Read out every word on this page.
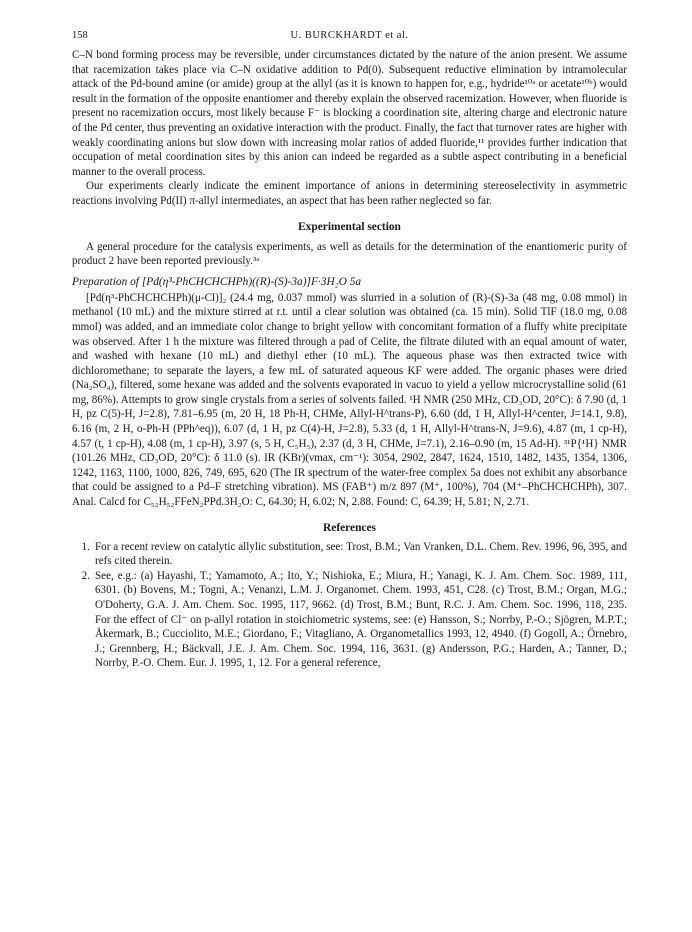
158	U. BURCKHARDT et al.

C–N bond forming process may be reversible, under circumstances dictated by the nature of the anion present. We assume that racemization takes place via C–N oxidative addition to Pd(0). Subsequent reductive elimination by intramolecular attack of the Pd-bound amine (or amide) group at the allyl (as it is known to happen for, e.g., hydride¹⁰ᵃ or acetate¹⁰ᵇ) would result in the formation of the opposite enantiomer and thereby explain the observed racemization. However, when fluoride is present no racemization occurs, most likely because F⁻ is blocking a coordination site, altering charge and electronic nature of the Pd center, thus preventing an oxidative interaction with the product. Finally, the fact that turnover rates are higher with weakly coordinating anions but slow down with increasing molar ratios of added fluoride,¹¹ provides further indication that occupation of metal coordination sites by this anion can indeed be regarded as a subtle aspect contributing in a beneficial manner to the overall process.

Our experiments clearly indicate the eminent importance of anions in determining stereoselectivity in asymmetric reactions involving Pd(II) π-allyl intermediates, an aspect that has been rather neglected so far.

Experimental section

A general procedure for the catalysis experiments, as well as details for the determination of the enantiomeric purity of product 2 have been reported previously.³ᵃ

Preparation of [Pd(η³-PhCHCHCHPh)((R)-(S)-3a)]F·3H₂O 5a

[Pd(η³-PhCHCHCHPh)(μ-Cl)]₂ (24.4 mg, 0.037 mmol) was slurried in a solution of (R)-(S)-3a (48 mg, 0.08 mmol) in methanol (10 mL) and the mixture stirred at r.t. until a clear solution was obtained (ca. 15 min). Solid TlF (18.0 mg, 0.08 mmol) was added, and an immediate color change to bright yellow with concomitant formation of a fluffy white precipitate was observed. After 1 h the mixture was filtered through a pad of Celite, the filtrate diluted with an equal amount of water, and washed with hexane (10 mL) and diethyl ether (10 mL). The aqueous phase was then extracted twice with dichloromethane; to separate the layers, a few mL of saturated aqueous KF were added. The organic phases were dried (Na₂SO₄), filtered, some hexane was added and the solvents evaporated in vacuo to yield a yellow microcrystalline solid (61 mg, 86%). Attempts to grow single crystals from a series of solvents failed. ¹H NMR (250 MHz, CD₃OD, 20°C): δ 7.90 (d, 1 H, pz C(5)-H, J=2.8), 7.81–6.95 (m, 20 H, 18 Ph-H, CHMe, Allyl-H^trans-P), 6.60 (dd, 1 H, Allyl-H^center, J=14.1, 9.8), 6.16 (m, 2 H, o-Ph-H (PPh^eq)), 6.07 (d, 1 H, pz C(4)-H, J=2.8), 5.33 (d, 1 H, Allyl-H^trans-N, J=9.6), 4.87 (m, 1 cp-H), 4.57 (t, 1 cp-H), 4.08 (m, 1 cp-H), 3.97 (s, 5 H, C₅H₅), 2.37 (d, 3 H, CHMe, J=7.1), 2.16–0.90 (m, 15 Ad-H). ³¹P{¹H} NMR (101.26 MHz, CD₃OD, 20°C): δ 11.0 (s). IR (KBr)(νmax, cm⁻¹): 3054, 2902, 2847, 1624, 1510, 1482, 1435, 1354, 1306, 1242, 1163, 1100, 1000, 826, 749, 695, 620 (The IR spectrum of the water-free complex 5a does not exhibit any absorbance that could be assigned to a Pd–F stretching vibration). MS (FAB⁺) m/z 897 (M⁺, 100%), 704 (M⁺–PhCHCHCHPh), 307. Anal. Calcd for C₅₂H₅₂FFeN₂PPd.3H₂O: C, 64.30; H, 6.02; N, 2.88. Found: C, 64.39; H, 5.81; N, 2.71.

References
1. For a recent review on catalytic allylic substitution, see: Trost, B.M.; Van Vranken, D.L. Chem. Rev. 1996, 96, 395, and refs cited therein.
2. See, e.g.: (a) Hayashi, T.; Yamamoto, A.; Ito, Y.; Nishioka, E.; Miura, H.; Yanagi, K. J. Am. Chem. Soc. 1989, 111, 6301. (b) Bovens, M.; Togni, A.; Venanzi, L.M. J. Organomet. Chem. 1993, 451, C28. (c) Trost, B.M.; Organ, M.G.; O'Doherty, G.A. J. Am. Chem. Soc. 1995, 117, 9662. (d) Trost, B.M.; Bunt, R.C. J. Am. Chem. Soc. 1996, 118, 235. For the effect of Cl⁻ on p-allyl rotation in stoichiometric systems, see: (e) Hansson, S.; Norrby, P.-O.; Sjögren, M.P.T.; Åkermark, B.; Cucciolito, M.E.; Giordano, F.; Vitagliano, A. Organometallics 1993, 12, 4940. (f) Gogoll, A.; Örnebro, J.; Grennberg, H.; Bäckvall, J.E. J. Am. Chem. Soc. 1994, 116, 3631. (g) Andersson, P.G.; Harden, A.; Tanner, D.; Norrby, P.-O. Chem. Eur. J. 1995, 1, 12. For a general reference,
